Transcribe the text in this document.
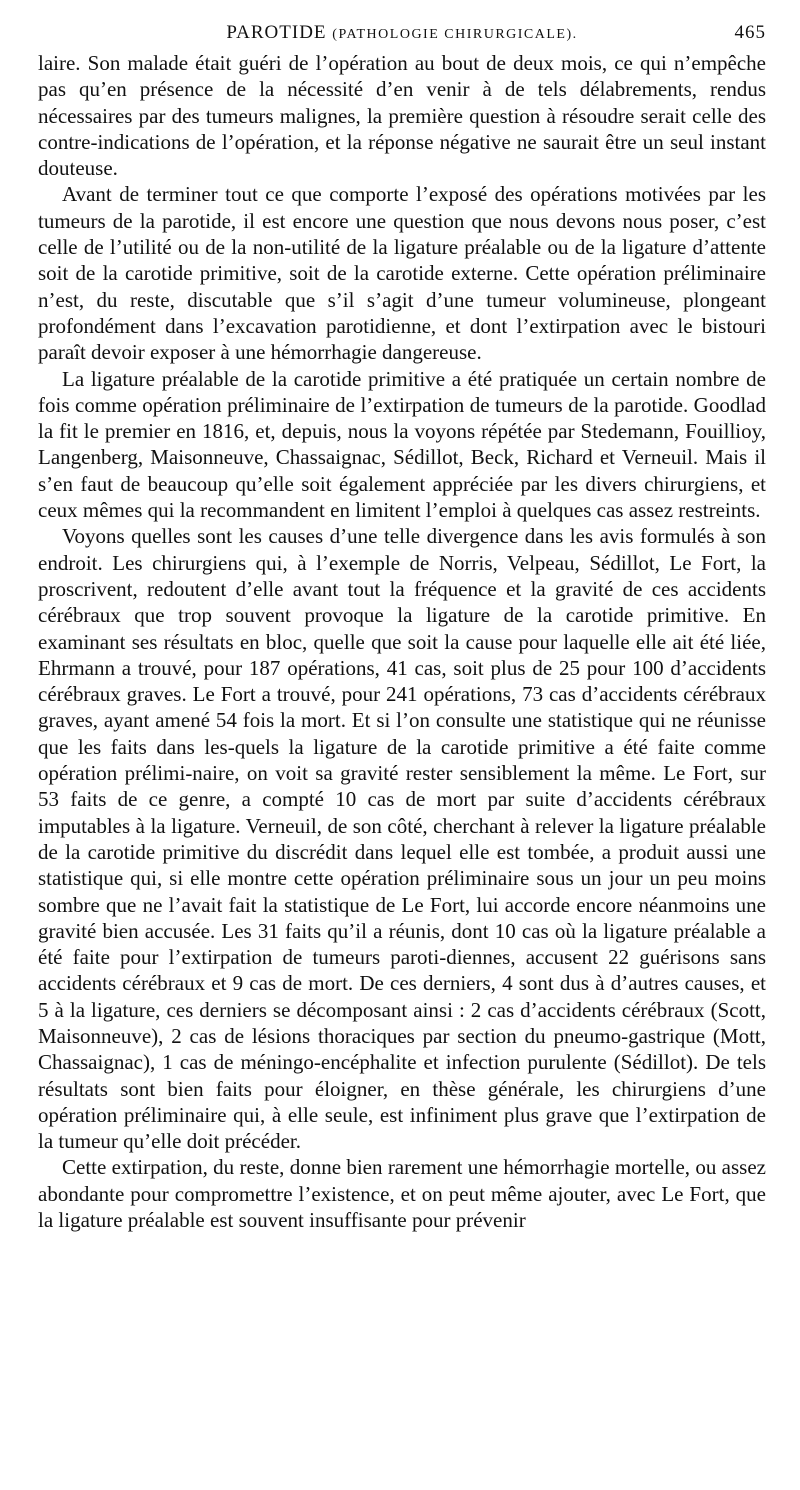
PAROTIDE (PATHOLOGIE CHIRURGICALE).	465

laire. Son malade était guéri de l’opération au bout de deux mois, ce qui n’empêche pas qu’en présence de la nécessité d’en venir à de tels délabrements, rendus nécessaires par des tumeurs malignes, la première question à résoudre serait celle des contre-indications de l’opération, et la réponse négative ne saurait être un seul instant douteuse.

Avant de terminer tout ce que comporte l’exposé des opérations motivées par les tumeurs de la parotide, il est encore une question que nous devons nous poser, c’est celle de l’utilité ou de la non-utilité de la ligature préalable ou de la ligature d’attente soit de la carotide primitive, soit de la carotide externe. Cette opération préliminaire n’est, du reste, discutable que s’il s’agit d’une tumeur volumineuse, plongeant profondément dans l’excavation parotidienne, et dont l’extirpation avec le bistouri paraît devoir exposer à une hémorrhagie dangereuse.

La ligature préalable de la carotide primitive a été pratiquée un certain nombre de fois comme opération préliminaire de l’extirpation de tumeurs de la parotide. Goodlad la fit le premier en 1816, et, depuis, nous la voyons répétée par Stedemann, Fouillioy, Langenberg, Maisonneuve, Chassaignac, Sédillot, Beck, Richard et Verneuil. Mais il s’en faut de beaucoup qu’elle soit également appréciée par les divers chirurgiens, et ceux mêmes qui la recommandent en limitent l’emploi à quelques cas assez restreints.

Voyons quelles sont les causes d’une telle divergence dans les avis formulés à son endroit. Les chirurgiens qui, à l’exemple de Norris, Velpeau, Sédillot, Le Fort, la proscrivent, redoutent d’elle avant tout la fréquence et la gravité de ces accidents cérébraux que trop souvent provoque la ligature de la carotide primitive. En examinant ses résultats en bloc, quelle que soit la cause pour laquelle elle ait été liée, Ehrmann a trouvé, pour 187 opérations, 41 cas, soit plus de 25 pour 100 d’accidents cérébraux graves. Le Fort a trouvé, pour 241 opérations, 73 cas d’accidents cérébraux graves, ayant amené 54 fois la mort. Et si l’on consulte une statistique qui ne réunisse que les faits dans les-quels la ligature de la carotide primitive a été faite comme opération prélimi-naire, on voit sa gravité rester sensiblement la même. Le Fort, sur 53 faits de ce genre, a compté 10 cas de mort par suite d’accidents cérébraux imputables à la ligature. Verneuil, de son côté, cherchant à relever la ligature préalable de la carotide primitive du discrédit dans lequel elle est tombée, a produit aussi une statistique qui, si elle montre cette opération préliminaire sous un jour un peu moins sombre que ne l’avait fait la statistique de Le Fort, lui accorde encore néanmoins une gravité bien accusée. Les 31 faits qu’il a réunis, dont 10 cas où la ligature préalable a été faite pour l’extirpation de tumeurs paroti-diennes, accusent 22 guérisons sans accidents cérébraux et 9 cas de mort. De ces derniers, 4 sont dus à d’autres causes, et 5 à la ligature, ces derniers se décomposant ainsi : 2 cas d’accidents cérébraux (Scott, Maisonneuve), 2 cas de lésions thoraciques par section du pneumo-gastrique (Mott, Chassaignac), 1 cas de méningo-encéphalite et infection purulente (Sédillot). De tels résultats sont bien faits pour éloigner, en thèse générale, les chirurgiens d’une opération préliminaire qui, à elle seule, est infiniment plus grave que l’extirpation de la tumeur qu’elle doit précéder.

Cette extirpation, du reste, donne bien rarement une hémorrhagie mortelle, ou assez abondante pour compromettre l’existence, et on peut même ajouter, avec Le Fort, que la ligature préalable est souvent insuffisante pour prévenir
